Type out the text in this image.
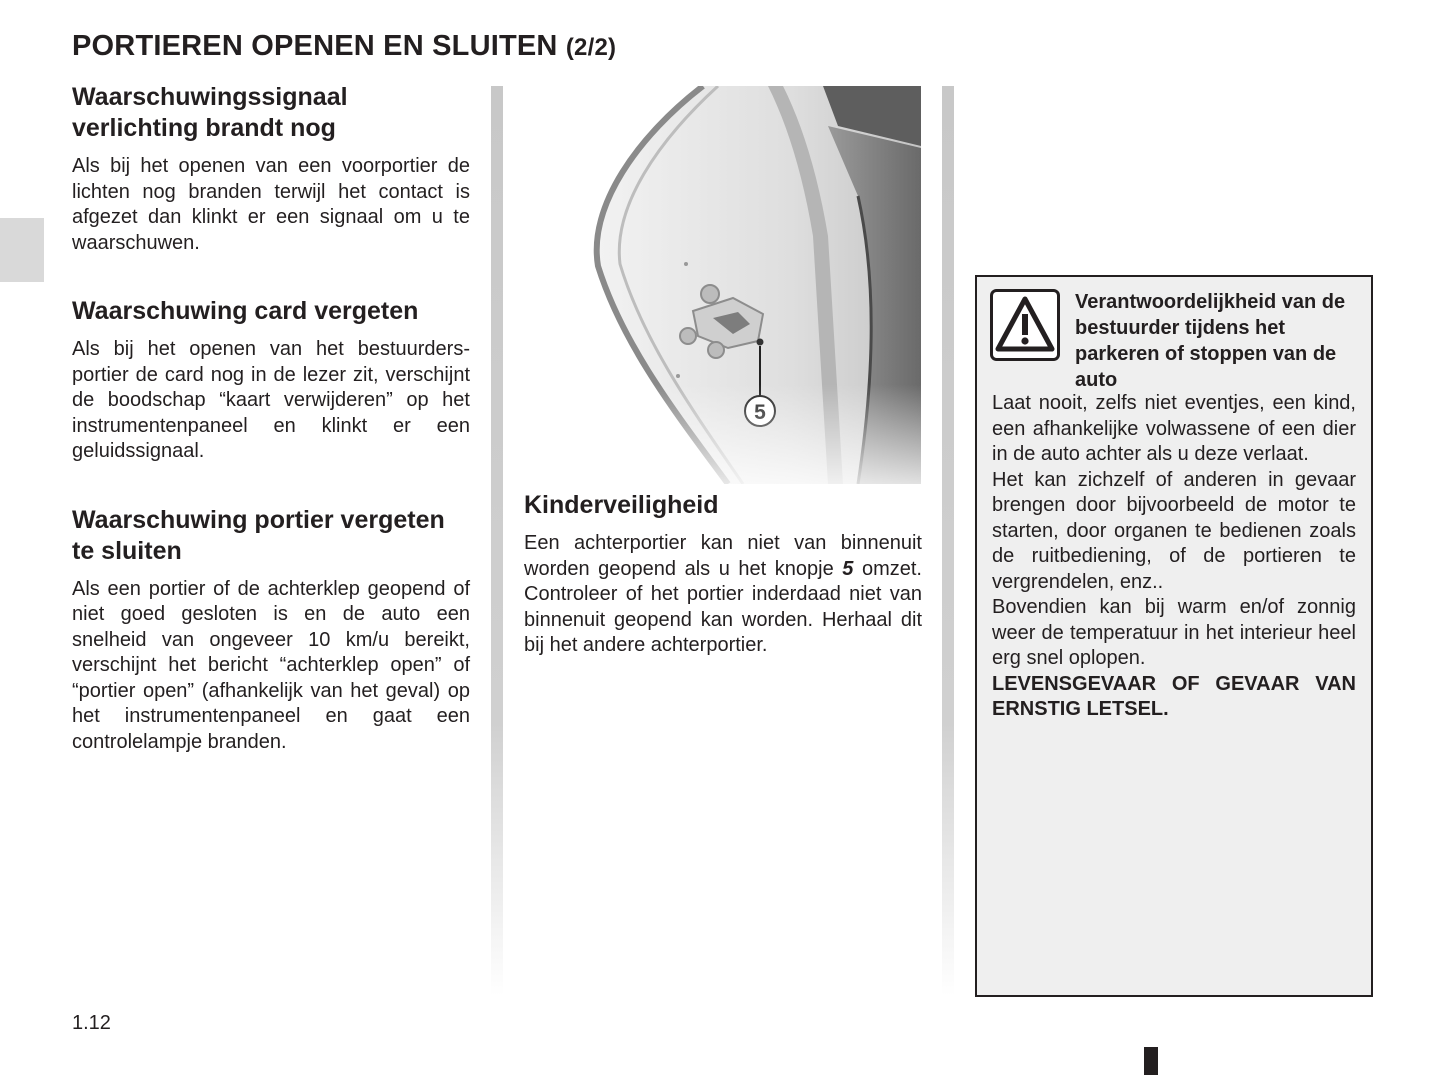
PORTIEREN OPENEN EN SLUITEN (2/2)
Waarschuwingssignaal verlichting brandt nog

Als bij het openen van een voorportier de lichten nog branden terwijl het contact is afgezet dan klinkt er een signaal om u te waarschuwen.

Waarschuwing card vergeten

Als bij het openen van het bestuurdersportier de card nog in de lezer zit, verschijnt de boodschap “kaart verwijderen” op het instrumentenpaneel en klinkt er een geluidssignaal.

Waarschuwing portier vergeten te sluiten

Als een portier of de achterklep geopend of niet goed gesloten is en de auto een snelheid van ongeveer 10 km/u bereikt, verschijnt het bericht “achterklep open” of “portier open” (afhankelijk van het geval) op het instrumentenpaneel en gaat een controlelampje branden.

Kinderveiligheid

Een achterportier kan niet van binnenuit worden geopend als u het knopje 5 omzet. Controleer of het portier inderdaad niet van binnenuit geopend kan worden. Herhaal dit bij het andere achterportier.

Verantwoordelijkheid van de bestuurder tijdens het parkeren of stoppen van de auto

Laat nooit, zelfs niet eventjes, een kind, een afhankelijke volwassene of een dier in de auto achter als u deze verlaat.

Het kan zichzelf of anderen in gevaar brengen door bijvoorbeeld de motor te starten, door organen te bedienen zoals de ruitbediening, of de portieren te vergrendelen, enz..

Bovendien kan bij warm en/of zonnig weer de temperatuur in het interieur heel erg snel oplopen.

LEVENSGEVAAR OF GEVAAR VAN ERNSTIG LETSEL.

1.12
